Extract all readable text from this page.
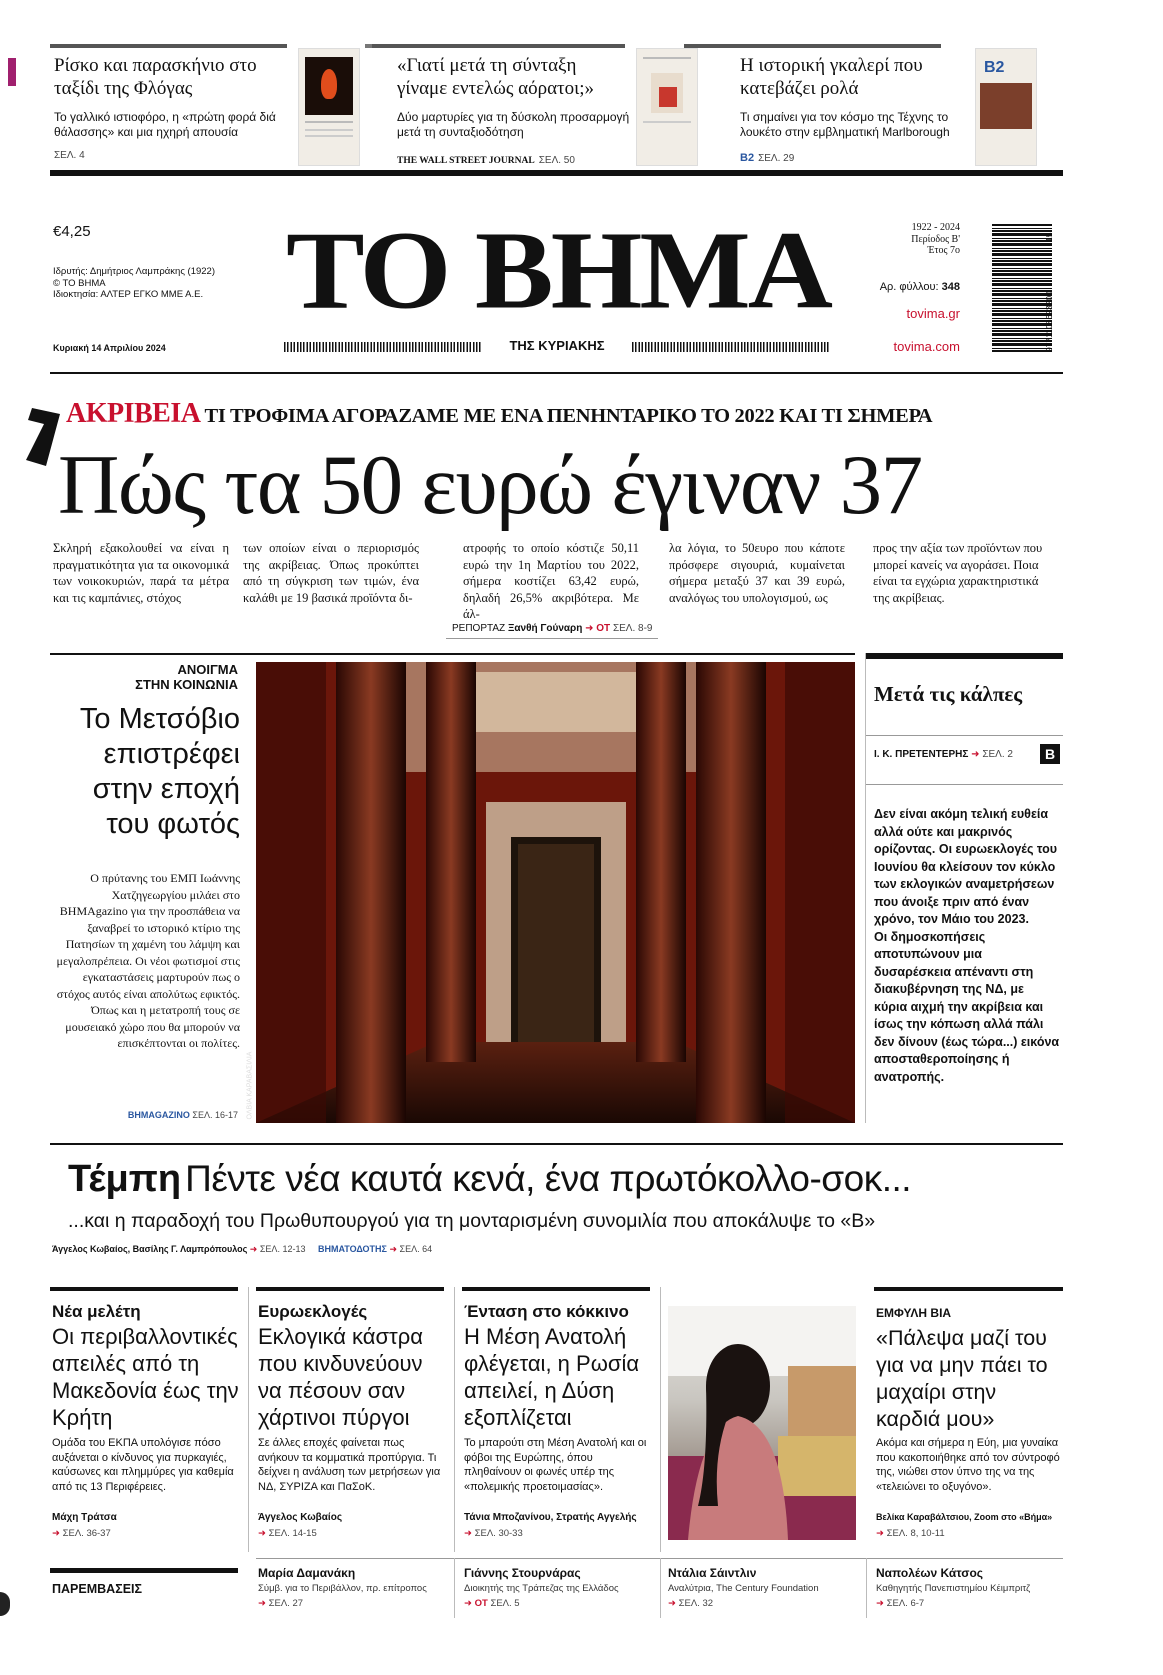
Ρίσκο και παρασκήνιο στο ταξίδι της Φλόγας
Το γαλλικό ιστιοφόρο, η «πρώτη φορά διά θάλασσης» και μια ηχηρή απουσία
ΣΕΛ. 4
«Γιατί μετά τη σύνταξη γίναμε εντελώς αόρατοι;»
Δύο μαρτυρίες για τη δύσκολη προσαρμογή μετά τη συνταξιοδότηση
THE WALL STREET JOURNAL ΣΕΛ. 50
Η ιστορική γκαλερί που κατεβάζει ρολά
Τι σημαίνει για τον κόσμο της Τέχνης το λουκέτο στην εμβληματική Marlborough
B2 ΣΕΛ. 29
B2
€4,25
Ιδρυτής: Δημήτριος Λαμπράκης (1922)
© ΤΟ ΒΗΜΑ
Ιδιοκτησία: ΑΛΤΕΡ ΕΓΚΟ ΜΜΕ Α.Ε.
Κυριακή 14 Απριλίου 2024
ΤΟ ΒΗΜΑ
ΤΗΣ ΚΥΡΙΑΚΗΣ
1922 - 2024
Περίοδος Β'
Έτος 7ο
Αρ. φύλλου: 348
tovima.gr
tovima.com	9771108623200
15
ΑΚΡΙΒΕΙΑ ΤΙ ΤΡΟΦΙΜΑ ΑΓΟΡΑΖΑΜΕ ΜΕ ΕΝΑ ΠΕΝΗΝΤΑΡΙΚΟ ΤΟ 2022 ΚΑΙ ΤΙ ΣΗΜΕΡΑ
Πώς τα 50 ευρώ έγιναν 37
Σκληρή εξακολουθεί να είναι η πραγματικότητα για τα οικονομικά των νοικοκυριών, παρά τα μέτρα και τις καμπάνιες, στόχος
των οποίων είναι ο περιορισμός της ακρίβειας. Όπως προκύπτει από τη σύγκριση των τιμών, ένα καλάθι με 19 βασικά προϊόντα δι-
ατροφής το οποίο κόστιζε 50,11 ευρώ την 1η Μαρτίου του 2022, σήμερα κοστίζει 63,42 ευρώ, δηλαδή 26,5% ακριβότερα. Με άλ-
λα λόγια, το 50ευρο που κάποτε πρόσφερε σιγουριά, κυμαίνεται σήμερα μεταξύ 37 και 39 ευρώ, αναλόγως του υπολογισμού, ως
προς την αξία των προϊόντων που μπορεί κανείς να αγοράσει. Ποια είναι τα εγχώρια χαρακτηριστικά της ακρίβειας.
ΡΕΠΟΡΤΑΖ Ξανθή Γούναρη ➜ ΟΤ ΣΕΛ. 8-9
ΑΝΟΙΓΜΑ
ΣΤΗΝ ΚΟΙΝΩΝΙΑ
Το Μετσόβιο επιστρέφει στην εποχή του φωτός
Ο πρύτανης του ΕΜΠ Ιωάννης Χατζηγεωργίου μιλάει στο ΒΗΜΑgazino για την προσπάθεια να ξαναβρεί το ιστορικό κτίριο της Πατησίων τη χαμένη του λάμψη και μεγαλοπρέπεια. Οι νέοι φωτισμοί στις εγκαταστάσεις μαρτυρούν πως ο στόχος αυτός είναι απολύτως εφικτός. Όπως και η μετατροπή τους σε μουσειακό χώρο που θα μπορούν να επισκέπτονται οι πολίτες.
ΒΗΜΑGAZINO ΣΕΛ. 16-17 ΟΛΒΙΑ ΚΑΡΑΒΑΣΙΛΙΑ
Μετά τις κάλπες
Ι. Κ. ΠΡΕΤΕΝΤΕΡΗΣ ➜ ΣΕΛ. 2	B
Δεν είναι ακόμη τελική ευθεία αλλά ούτε και μακρινός ορίζοντας. Οι ευρωεκλογές του Ιουνίου θα κλείσουν τον κύκλο των εκλογικών αναμετρήσεων που άνοιξε πριν από έναν χρόνο, τον Μάιο του 2023.
Οι δημοσκοπήσεις αποτυπώνουν μια δυσαρέσκεια απέναντι στη διακυβέρνηση της ΝΔ, με κύρια αιχμή την ακρίβεια και ίσως την κόπωση αλλά πάλι δεν δίνουν (έως τώρα...) εικόνα αποσταθεροποίησης ή ανατροπής.
Τέμπη Πέντε νέα καυτά κενά, ένα πρωτόκολλο-σοκ...
...και η παραδοχή του Πρωθυπουργού για τη μονταρισμένη συνομιλία που αποκάλυψε το «Β»
Άγγελος Κωβαίος, Βασίλης Γ. Λαμπρόπουλος ➜ ΣΕΛ. 12-13 ΒΗΜΑΤΟΔΟΤΗΣ ➜ ΣΕΛ. 64
Νέα μελέτη
Οι περιβαλλοντικές απειλές από τη Μακεδονία έως την Κρήτη
Ομάδα του ΕΚΠΑ υπολόγισε πόσο αυξάνεται ο κίνδυνος για πυρκαγιές, καύσωνες και πλημμύρες για καθεμία από τις 13 Περιφέρειες.
Μάχη Τράτσα
➜ ΣΕΛ. 36-37
Ευρωεκλογές
Εκλογικά κάστρα που κινδυνεύουν να πέσουν σαν χάρτινοι πύργοι
Σε άλλες εποχές φαίνεται πως ανήκουν τα κομματικά προπύργια. Τι δείχνει η ανάλυση των μετρήσεων για ΝΔ, ΣΥΡΙΖΑ και ΠαΣοΚ.
Άγγελος Κωβαίος
➜ ΣΕΛ. 14-15
Ένταση στο κόκκινο
Η Μέση Ανατολή φλέγεται, η Ρωσία απειλεί, η Δύση εξοπλίζεται
Το μπαρούτι στη Μέση Ανατολή και οι φόβοι της Ευρώπης, όπου πληθαίνουν οι φωνές υπέρ της «πολεμικής προετοιμασίας».
Τάνια Μποζανίνου, Στρατής Αγγελής
➜ ΣΕΛ. 30-33
ΕΜΦΥΛΗ ΒΙΑ
«Πάλεψα μαζί του για να μην πάει το μαχαίρι στην καρδιά μου»
Ακόμα και σήμερα η Εύη, μια γυναίκα που κακοποιήθηκε από τον σύντροφό της, νιώθει στον ύπνο της να της «τελειώνει το οξυγόνο».
Βελίκα Καραβάλτσιου, Zoom στο «Βήμα»
➜ ΣΕΛ. 8, 10-11
ΠΑΡΕΜΒΑΣΕΙΣ
Μαρία Δαμανάκη
Σύμβ. για το Περιβάλλον, πρ. επίτροπος
➜ ΣΕΛ. 27
Γιάννης Στουρνάρας
Διοικητής της Τράπεζας της Ελλάδος
➜ ΟΤ ΣΕΛ. 5
Ντάλια Σάιντλιν
Αναλύτρια, The Century Foundation
➜ ΣΕΛ. 32
Ναπολέων Κάτσος
Καθηγητής Πανεπιστημίου Κέιμπριτζ
➜ ΣΕΛ. 6-7
